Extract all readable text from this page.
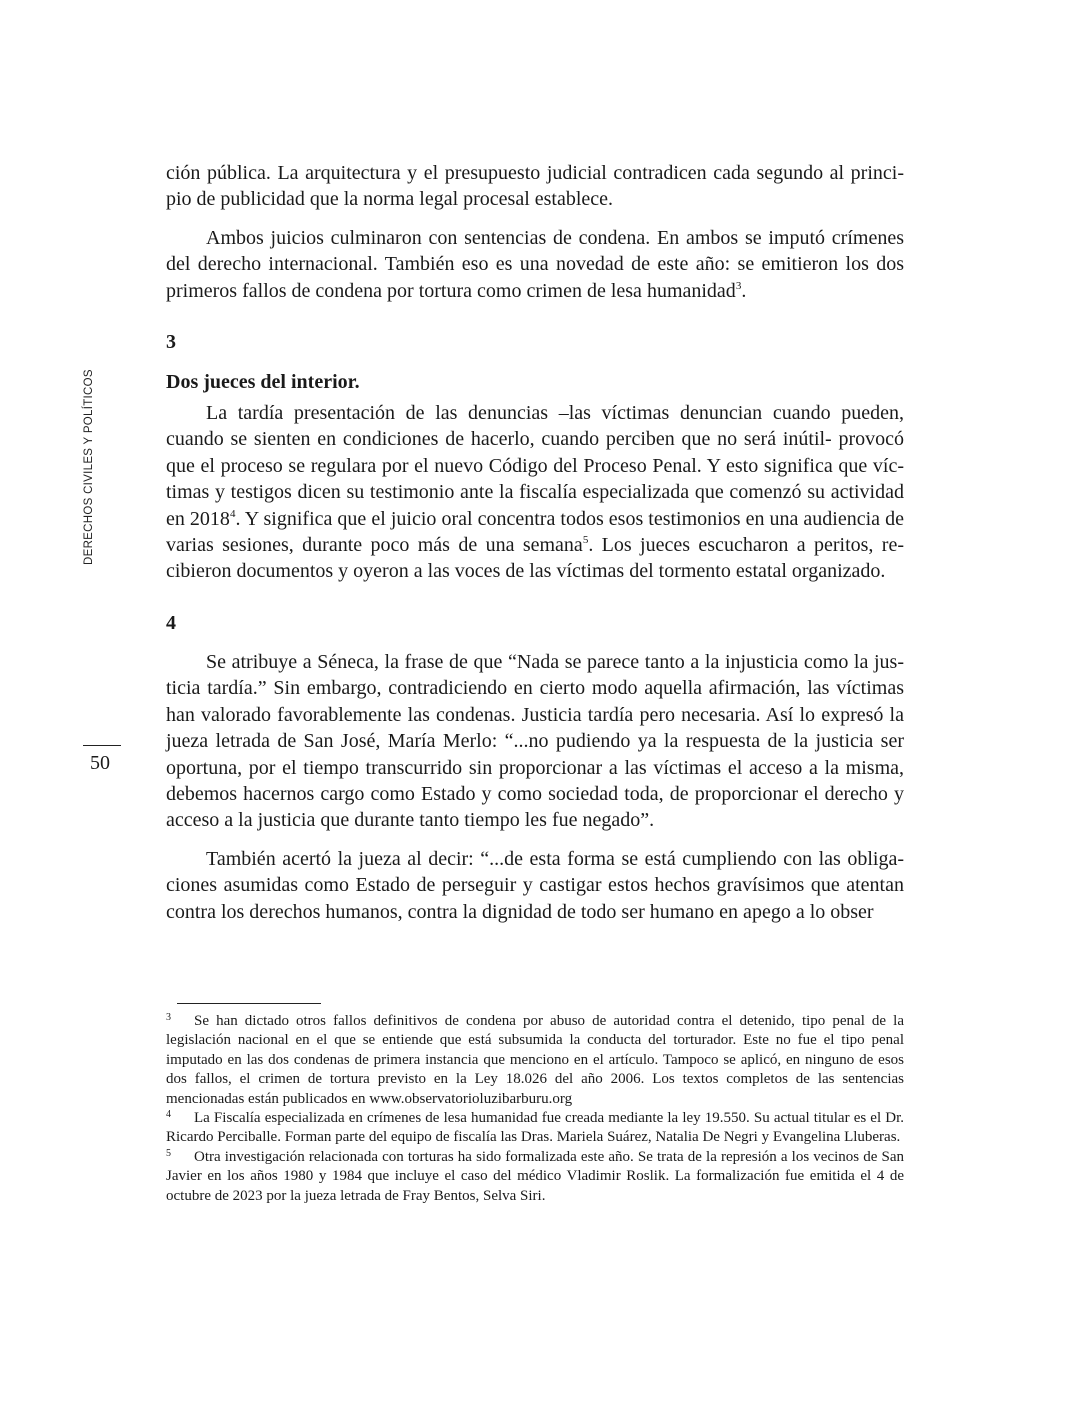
DERECHOS CIVILES Y POLÍTICOS
50

ción pública. La arquitectura y el presupuesto judicial contradicen cada segundo al principio de publicidad que la norma legal procesal establece.

Ambos juicios culminaron con sentencias de condena. En ambos se imputó crímenes del derecho internacional. También eso es una novedad de este año: se emitieron los dos primeros fallos de condena por tortura como crimen de lesa humanidad$^3$.

3

Dos jueces del interior.

La tardía presentación de las denuncias –las víctimas denuncian cuando pueden, cuando se sienten en condiciones de hacerlo, cuando perciben que no será inútil- provocó que el proceso se regulara por el nuevo Código del Proceso Penal. Y esto significa que víctimas y testigos dicen su testimonio ante la fiscalía especializada que comenzó su actividad en 2018$^4$. Y significa que el juicio oral concentra todos esos testimonios en una audiencia de varias sesiones, durante poco más de una semana$^5$. Los jueces escucharon a peritos, recibieron documentos y oyeron a las voces de las víctimas del tormento estatal organizado.

4

Se atribuye a Séneca, la frase de que “Nada se parece tanto a la injusticia como la justicia tardía.” Sin embargo, contradiciendo en cierto modo aquella afirmación, las víctimas han valorado favorablemente las condenas. Justicia tardía pero necesaria. Así lo expresó la jueza letrada de San José, María Merlo: “...no pudiendo ya la respuesta de la justicia ser oportuna, por el tiempo transcurrido sin proporcionar a las víctimas el acceso a la misma, debemos hacernos cargo como Estado y como sociedad toda, de proporcionar el derecho y acceso a la justicia que durante tanto tiempo les fue negado”.

También acertó la jueza al decir: “...de esta forma se está cumpliendo con las obligaciones asumidas como Estado de perseguir y castigar estos hechos gravísimos que atentan contra los derechos humanos, contra la dignidad de todo ser humano en apego a lo obser

3 Se han dictado otros fallos definitivos de condena por abuso de autoridad contra el detenido, tipo penal de la legislación nacional en el que se entiende que está subsumida la conducta del torturador. Este no fue el tipo penal imputado en las dos condenas de primera instancia que menciono en el artículo. Tampoco se aplicó, en ninguno de esos dos fallos, el crimen de tortura previsto en la Ley 18.026 del año 2006. Los textos completos de las sentencias mencionadas están publicados en www.observatorioluzibarburu.org

4 La Fiscalía especializada en crímenes de lesa humanidad fue creada mediante la ley 19.550. Su actual titular es el Dr. Ricardo Perciballe. Forman parte del equipo de fiscalía las Dras. Mariela Suárez, Natalia De Negri y Evangelina Lluberas.

5 Otra investigación relacionada con torturas ha sido formalizada este año. Se trata de la represión a los vecinos de San Javier en los años 1980 y 1984 que incluye el caso del médico Vladimir Roslik. La formalización fue emitida el 4 de octubre de 2023 por la jueza letrada de Fray Bentos, Selva Siri.
